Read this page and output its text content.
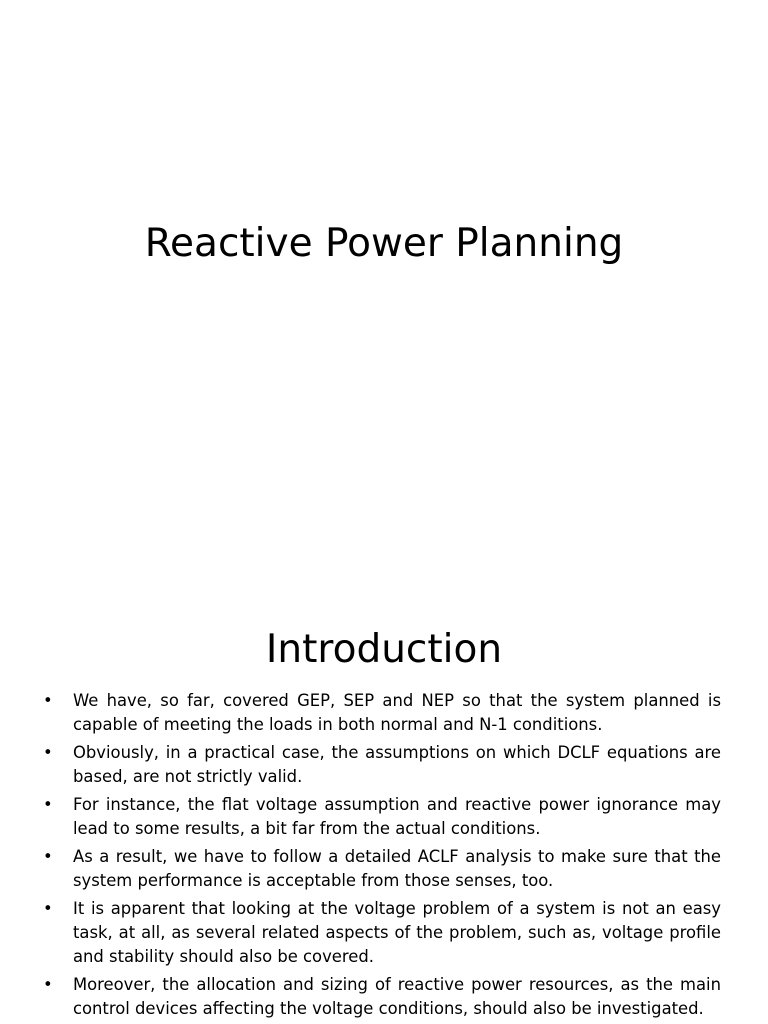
Reactive Power Planning
Introduction
•	We have, so far, covered GEP, SEP and NEP so that the system planned is capable of meeting the loads in both normal and N-1 conditions.
•	Obviously, in a practical case, the assumptions on which DCLF equations are based, are not strictly valid.
•	For instance, the flat voltage assumption and reactive power ignorance may lead to some results, a bit far from the actual conditions.
•	As a result, we have to follow a detailed ACLF analysis to make sure that the system performance is acceptable from those senses, too.
•	It is apparent that looking at the voltage problem of a system is not an easy task, at all, as several related aspects of the problem, such as, voltage profile and stability should also be covered.
•	Moreover, the allocation and sizing of reactive power resources, as the main control devices affecting the voltage conditions, should also be investigated.
